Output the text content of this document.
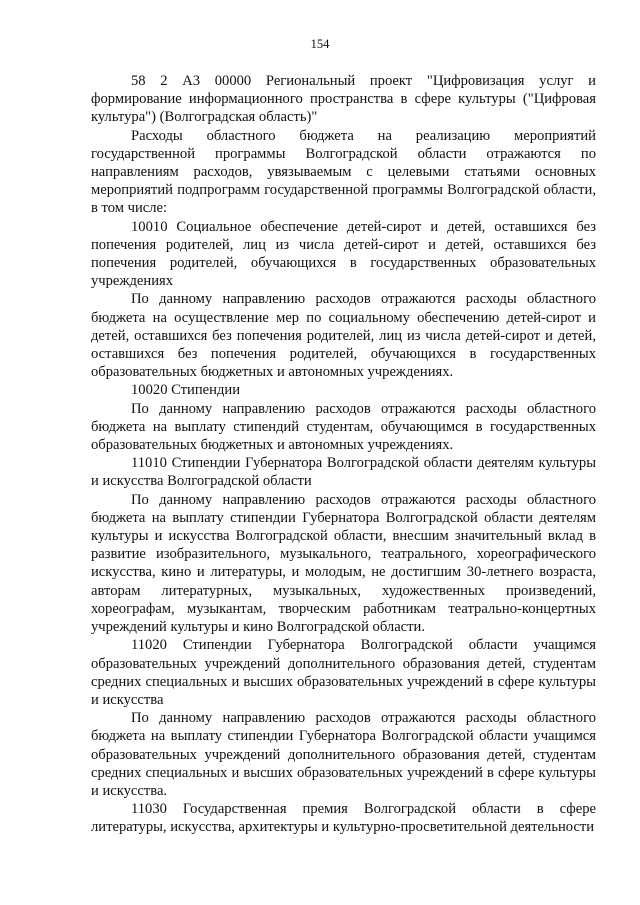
154

58 2 А3 00000 Региональный проект "Цифровизация услуг и формирование информационного пространства в сфере культуры ("Цифровая культура") (Волгоградская область)"

Расходы областного бюджета на реализацию мероприятий государственной программы Волгоградской области отражаются по направлениям расходов, увязываемым с целевыми статьями основных мероприятий подпрограмм государственной программы Волгоградской области, в том числе:

10010 Социальное обеспечение детей-сирот и детей, оставшихся без попечения родителей, лиц из числа детей-сирот и детей, оставшихся без попечения родителей, обучающихся в государственных образовательных учреждениях

По данному направлению расходов отражаются расходы областного бюджета на осуществление мер по социальному обеспечению детей-сирот и детей, оставшихся без попечения родителей, лиц из числа детей-сирот и детей, оставшихся без попечения родителей, обучающихся в государственных образовательных бюджетных и автономных учреждениях.

10020 Стипендии

По данному направлению расходов отражаются расходы областного бюджета на выплату стипендий студентам, обучающимся в государственных образовательных бюджетных и автономных учреждениях.

11010 Стипендии Губернатора Волгоградской области деятелям культуры и искусства Волгоградской области

По данному направлению расходов отражаются расходы областного бюджета на выплату стипендии Губернатора Волгоградской области деятелям культуры и искусства Волгоградской области, внесшим значительный вклад в развитие изобразительного, музыкального, театрального, хореографического искусства, кино и литературы, и молодым, не достигшим 30-летнего возраста, авторам литературных, музыкальных, художественных произведений, хореографам, музыкантам, творческим работникам театрально-концертных учреждений культуры и кино Волгоградской области.

11020 Стипендии Губернатора Волгоградской области учащимся образовательных учреждений дополнительного образования детей, студентам средних специальных и высших образовательных учреждений в сфере культуры и искусства

По данному направлению расходов отражаются расходы областного бюджета на выплату стипендии Губернатора Волгоградской области учащимся образовательных учреждений дополнительного образования детей, студентам средних специальных и высших образовательных учреждений в сфере культуры и искусства.

11030 Государственная премия Волгоградской области в сфере литературы, искусства, архитектуры и культурно-просветительной деятельности
